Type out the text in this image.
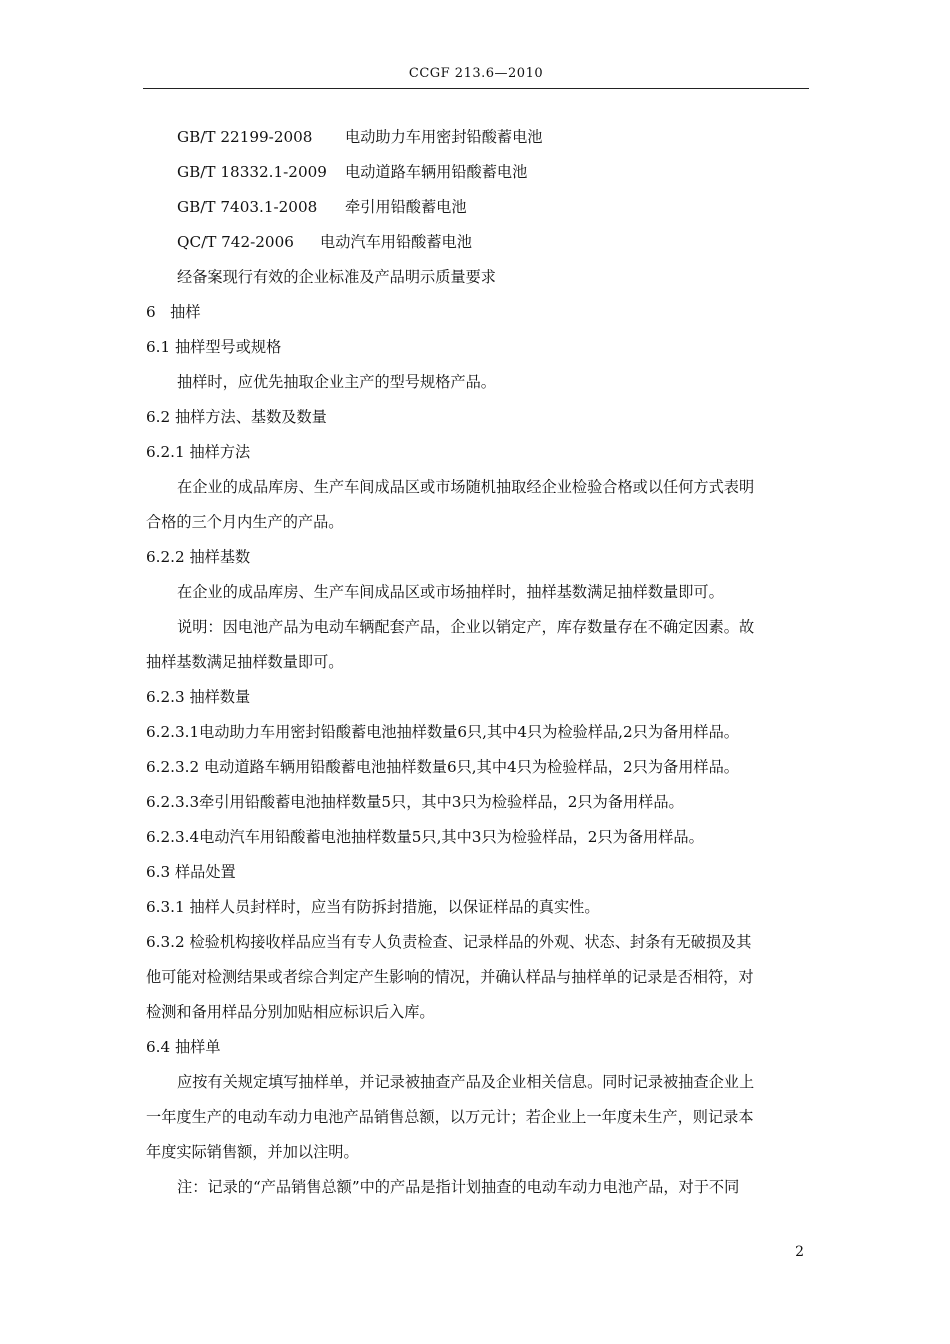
CCGF 213.6—2010
GB/T 22199-2008 电动助力车用密封铅酸蓄电池
GB/T 18332.1-2009 电动道路车辆用铅酸蓄电池
GB/T 7403.1-2008 牵引用铅酸蓄电池
QC/T 742-2006 电动汽车用铅酸蓄电池
经备案现行有效的企业标准及产品明示质量要求
6   抽样
6.1 抽样型号或规格
抽样时，应优先抽取企业主产的型号规格产品。
6.2 抽样方法、基数及数量
6.2.1 抽样方法
在企业的成品库房、生产车间成品区或市场随机抽取经企业检验合格或以任何方式表明
合格的三个月内生产的产品。
6.2.2 抽样基数
在企业的成品库房、生产车间成品区或市场抽样时，抽样基数满足抽样数量即可。
说明：因电池产品为电动车辆配套产品，企业以销定产，库存数量存在不确定因素。故
抽样基数满足抽样数量即可。
6.2.3 抽样数量
6.2.3.1电动助力车用密封铅酸蓄电池抽样数量6只,其中4只为检验样品,2只为备用样品。
6.2.3.2 电动道路车辆用铅酸蓄电池抽样数量6只,其中4只为检验样品，2只为备用样品。
6.2.3.3牵引用铅酸蓄电池抽样数量5只，其中3只为检验样品，2只为备用样品。
6.2.3.4电动汽车用铅酸蓄电池抽样数量5只,其中3只为检验样品，2只为备用样品。
6.3 样品处置
6.3.1 抽样人员封样时，应当有防拆封措施，以保证样品的真实性。
6.3.2 检验机构接收样品应当有专人负责检查、记录样品的外观、状态、封条有无破损及其
他可能对检测结果或者综合判定产生影响的情况，并确认样品与抽样单的记录是否相符，对
检测和备用样品分别加贴相应标识后入库。
6.4 抽样单
应按有关规定填写抽样单，并记录被抽查产品及企业相关信息。同时记录被抽查企业上
一年度生产的电动车动力电池产品销售总额，以万元计；若企业上一年度未生产，则记录本
年度实际销售额，并加以注明。
注：记录的“产品销售总额”中的产品是指计划抽查的电动车动力电池产品，对于不同
2
